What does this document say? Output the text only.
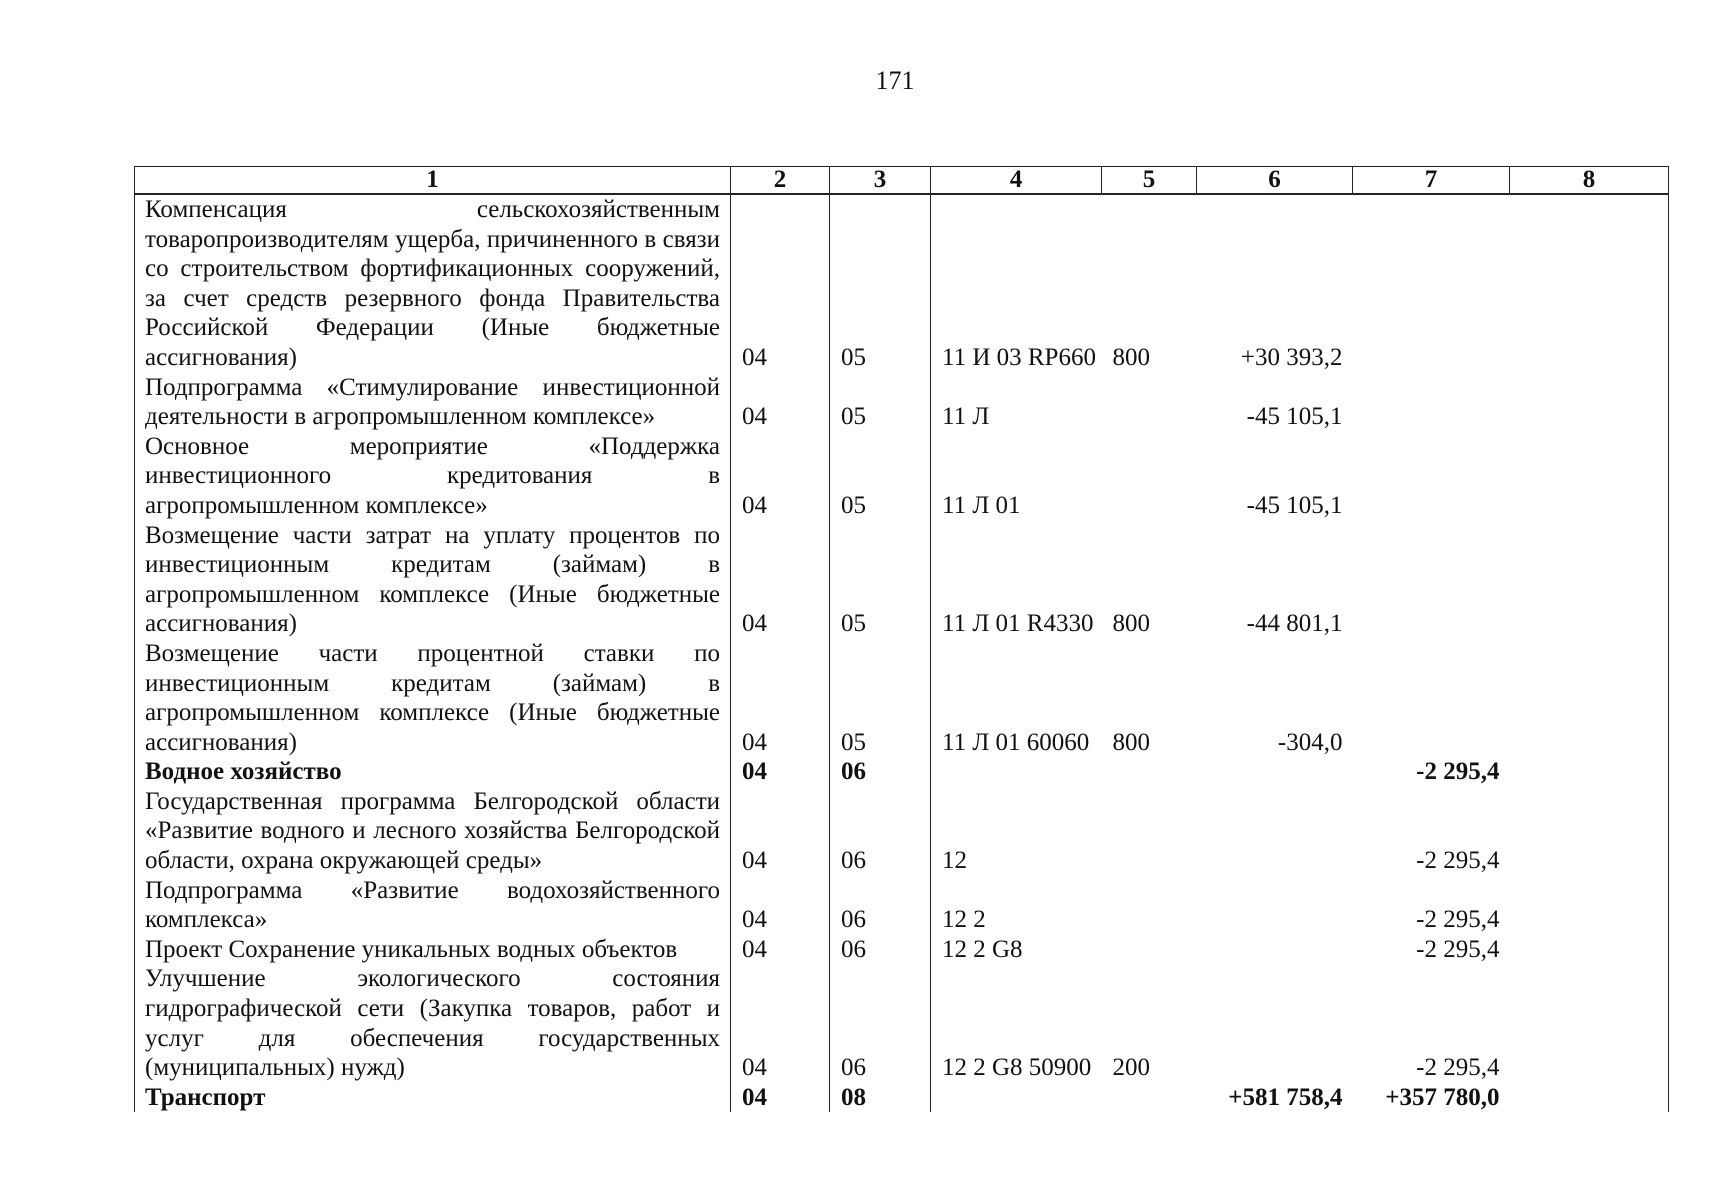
171
1	2	3	4	5	6	7	8
Компенсация сельскохозяйственным товаропроизводителям ущерба, причиненного в связи со строительством фортификационных сооружений, за счет средств резервного фонда Правительства Российской Федерации (Иные бюджетные ассигнования)	04	05	11 И 03 RP660	800	+30 393,2		
Подпрограмма «Стимулирование инвестиционной деятельности в агропромышленном комплексе»	04	05	11 Л		-45 105,1		
Основное мероприятие «Поддержка инвестиционного кредитования в агропромышленном комплексе»	04	05	11 Л 01		-45 105,1		
Возмещение части затрат на уплату процентов по инвестиционным кредитам (займам) в агропромышленном комплексе (Иные бюджетные ассигнования)	04	05	11 Л 01 R4330	800	-44 801,1		
Возмещение части процентной ставки по инвестиционным кредитам (займам) в агропромышленном комплексе (Иные бюджетные ассигнования)	04	05	11 Л 01 60060	800	-304,0		
Водное хозяйство	04	06				-2 295,4	
Государственная программа Белгородской области «Развитие водного и лесного хозяйства Белгородской области, охрана окружающей среды»	04	06	12			-2 295,4	
Подпрограмма «Развитие водохозяйственного комплекса»	04	06	12 2			-2 295,4	
Проект Сохранение уникальных водных объектов	04	06	12 2 G8			-2 295,4	
Улучшение экологического состояния гидрографической сети (Закупка товаров, работ и услуг для обеспечения государственных (муниципальных) нужд)	04	06	12 2 G8 50900	200		-2 295,4	
Транспорт	04	08			+581 758,4	+357 780,0	
